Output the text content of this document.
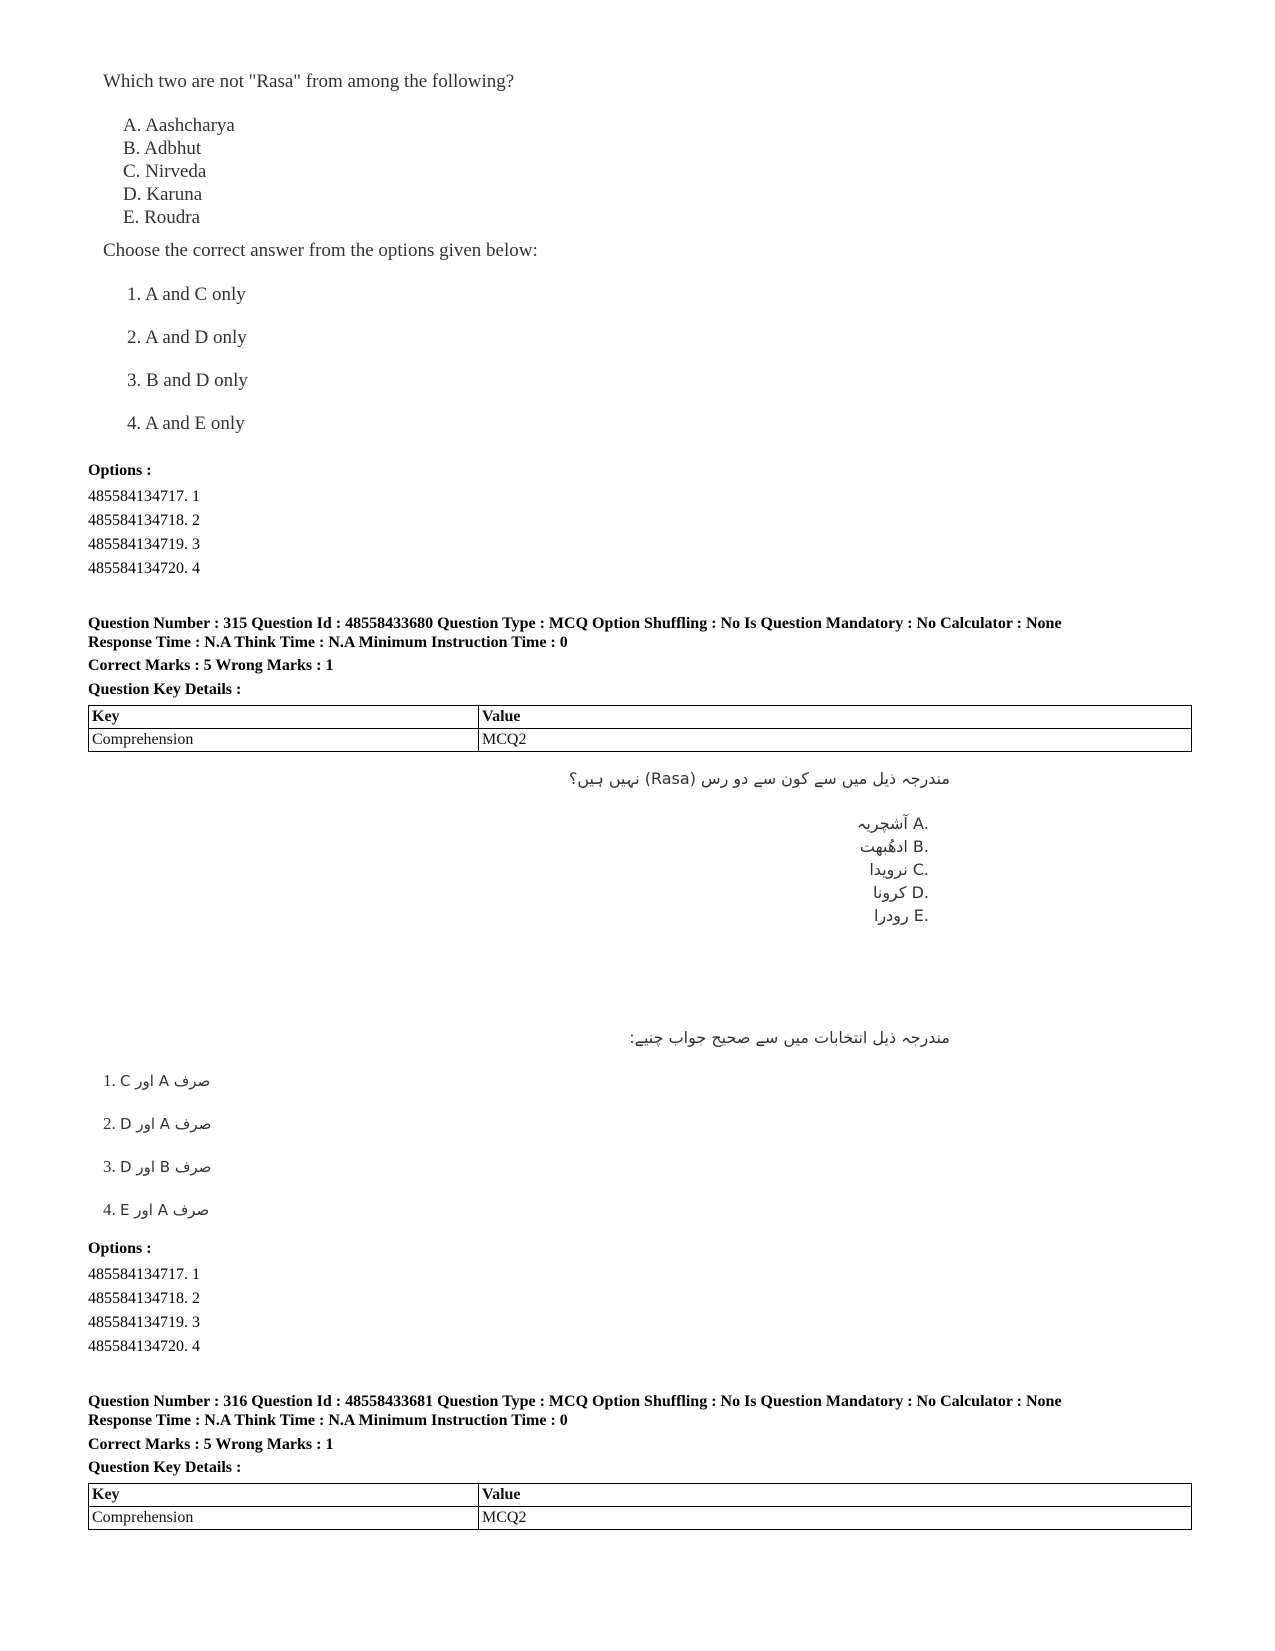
Which two are not "Rasa" from among the following?
A. Aashcharya
B. Adbhut
C. Nirveda
D. Karuna
E. Roudra
Choose the correct answer from the options given below:
1. A and C only
2. A and D only
3. B and D only
4. A and E only
Options :
485584134717. 1
485584134718. 2
485584134719. 3
485584134720. 4
Question Number : 315 Question Id : 48558433680 Question Type : MCQ Option Shuffling : No Is Question Mandatory : No Calculator : None
Response Time : N.A Think Time : N.A Minimum Instruction Time : 0
Correct Marks : 5 Wrong Marks : 1
Question Key Details :
Key	Value
Comprehension	MCQ2
مندرجہ ذیل میں سے کون سے دو رس (Rasa) نہیں ہیں؟
.A آشچریہ
.B ادھُبھت
.C نرویدا
.D کرونا
.E رودرا
مندرجہ ذیل انتخابات میں سے صحیح جواب چنیے:
1. صرف A اور C
2. صرف A اور D
3. صرف B اور D
4. صرف A اور E
Options :
485584134717. 1
485584134718. 2
485584134719. 3
485584134720. 4
Question Number : 316 Question Id : 48558433681 Question Type : MCQ Option Shuffling : No Is Question Mandatory : No Calculator : None
Response Time : N.A Think Time : N.A Minimum Instruction Time : 0
Correct Marks : 5 Wrong Marks : 1
Question Key Details :
Key	Value
Comprehension	MCQ2
